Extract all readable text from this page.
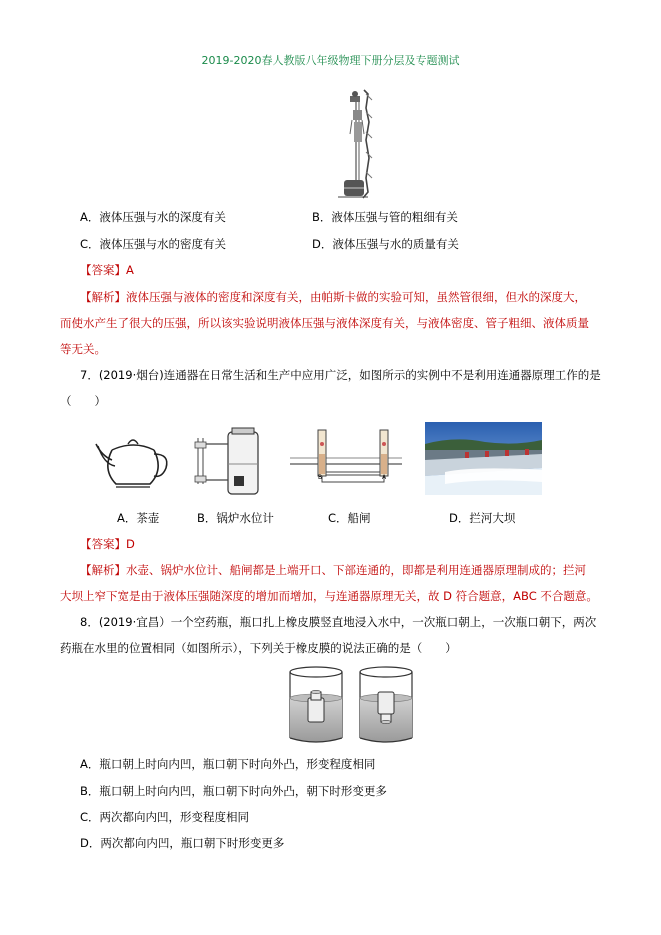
2019-2020春人教版八年级物理下册分层及专题测试
A．液体压强与水的深度有关	B．液体压强与管的粗细有关
C．液体压强与水的密度有关	D．液体压强与水的质量有关
【答案】A
【解析】液体压强与液体的密度和深度有关，由帕斯卡做的实验可知，虽然管很细，但水的深度大，
而使水产生了很大的压强，所以该实验说明液体压强与液体深度有关，与液体密度、管子粗细、液体质量
等无关。
7．(2019·烟台)连通器在日常生活和生产中应用广泛，如图所示的实例中不是利用连通器原理工作的是
（　　）
B	A
A．茶壶	B．锅炉水位计	C．船闸	D．拦河大坝
【答案】D
【解析】水壶、锅炉水位计、船闸都是上端开口、下部连通的，即都是利用连通器原理制成的；拦河
大坝上窄下宽是由于液体压强随深度的增加而增加，与连通器原理无关，故 D 符合题意，ABC 不合题意。
8．(2019·宜昌）一个空药瓶，瓶口扎上橡皮膜竖直地浸入水中，一次瓶口朝上，一次瓶口朝下，两次
药瓶在水里的位置相同（如图所示），下列关于橡皮膜的说法正确的是（　　）
A．瓶口朝上时向内凹，瓶口朝下时向外凸，形变程度相同
B．瓶口朝上时向内凹，瓶口朝下时向外凸，朝下时形变更多
C．两次都向内凹，形变程度相同
D．两次都向内凹，瓶口朝下时形变更多
